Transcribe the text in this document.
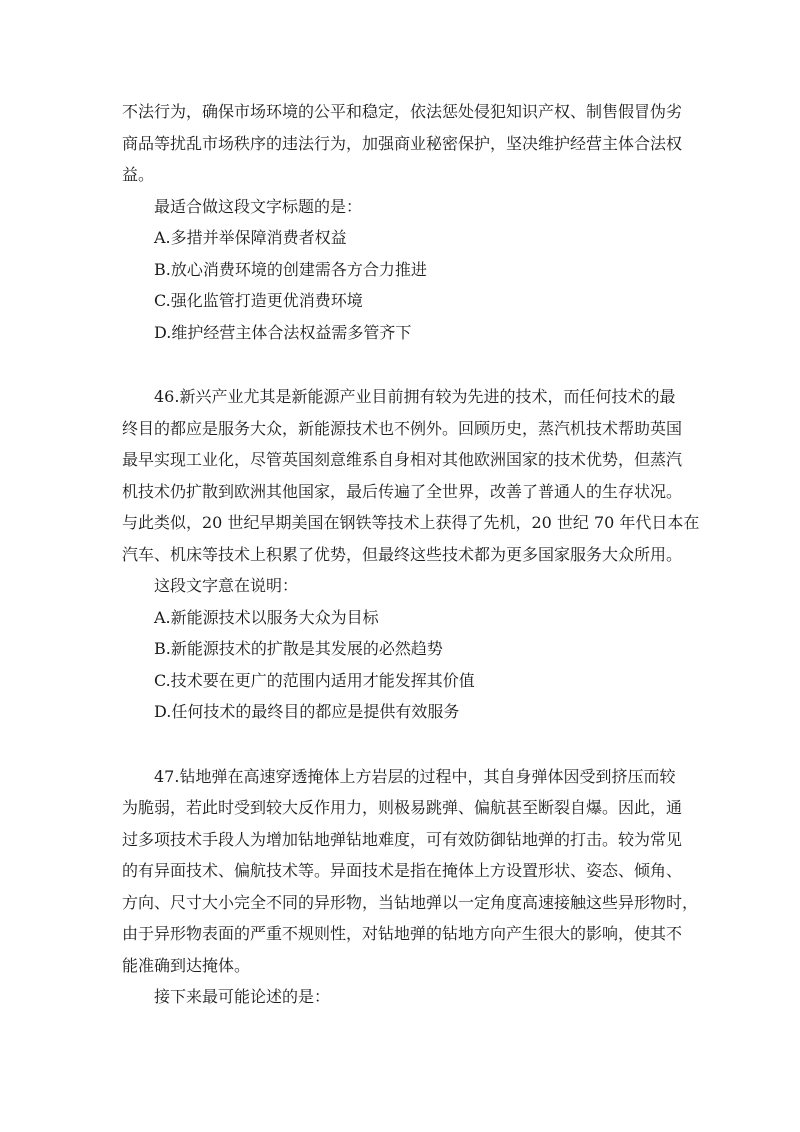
不法行为，确保市场环境的公平和稳定，依法惩处侵犯知识产权、制售假冒伪劣
商品等扰乱市场秩序的违法行为，加强商业秘密保护，坚决维护经营主体合法权
益。
最适合做这段文字标题的是：
A.多措并举保障消费者权益
B.放心消费环境的创建需各方合力推进
C.强化监管打造更优消费环境
D.维护经营主体合法权益需多管齐下
46.新兴产业尤其是新能源产业目前拥有较为先进的技术，而任何技术的最
终目的都应是服务大众，新能源技术也不例外。回顾历史，蒸汽机技术帮助英国
最早实现工业化，尽管英国刻意维系自身相对其他欧洲国家的技术优势，但蒸汽
机技术仍扩散到欧洲其他国家，最后传遍了全世界，改善了普通人的生存状况。
与此类似，20 世纪早期美国在钢铁等技术上获得了先机，20 世纪 70 年代日本在
汽车、机床等技术上积累了优势，但最终这些技术都为更多国家服务大众所用。
这段文字意在说明：
A.新能源技术以服务大众为目标
B.新能源技术的扩散是其发展的必然趋势
C.技术要在更广的范围内适用才能发挥其价值
D.任何技术的最终目的都应是提供有效服务
47.钻地弹在高速穿透掩体上方岩层的过程中，其自身弹体因受到挤压而较
为脆弱，若此时受到较大反作用力，则极易跳弹、偏航甚至断裂自爆。因此，通
过多项技术手段人为增加钻地弹钻地难度，可有效防御钻地弹的打击。较为常见
的有异面技术、偏航技术等。异面技术是指在掩体上方设置形状、姿态、倾角、
方向、尺寸大小完全不同的异形物，当钻地弹以一定角度高速接触这些异形物时，
由于异形物表面的严重不规则性，对钻地弹的钻地方向产生很大的影响，使其不
能准确到达掩体。
接下来最可能论述的是：
